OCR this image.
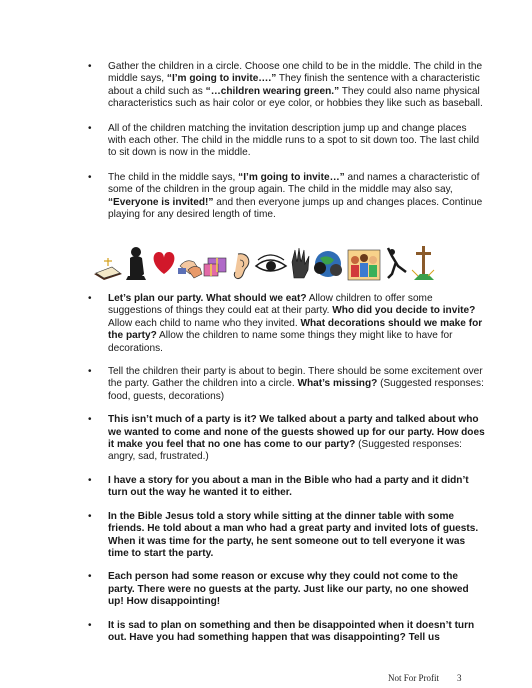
• Gather the children in a circle. Choose one child to be in the middle. The child in the middle says, “I’m going to invite….” They finish the sentence with a characteristic about a child such as “…children wearing green.” They could also name physical characteristics such as hair color or eye color, or hobbies they like such as baseball.
• All of the children matching the invitation description jump up and change places with each other. The child in the middle runs to a spot to sit down too. The last child to sit down is now in the middle.
• The child in the middle says, “I’m going to invite…” and names a characteristic of some of the children in the group again. The child in the middle may also say, “Everyone is invited!” and then everyone jumps up and changes places. Continue playing for any desired length of time.
• Let’s plan our party. What should we eat? Allow children to offer some suggestions of things they could eat at their party. Who did you decide to invite? Allow each child to name who they invited. What decorations should we make for the party? Allow the children to name some things they might like to have for decorations.
• Tell the children their party is about to begin. There should be some excitement over the party. Gather the children into a circle. What’s missing? (Suggested responses: food, guests, decorations)
• This isn’t much of a party is it? We talked about a party and talked about who we wanted to come and none of the guests showed up for our party. How does it make you feel that no one has come to our party? (Suggested responses: angry, sad, frustrated.)
• I have a story for you about a man in the Bible who had a party and it didn’t turn out the way he wanted it to either.
• In the Bible Jesus told a story while sitting at the dinner table with some friends. He told about a man who had a great party and invited lots of guests. When it was time for the party, he sent someone out to tell everyone it was time to start the party.
• Each person had some reason or excuse why they could not come to the party. There were no guests at the party. Just like our party, no one showed up! How disappointing!
• It is sad to plan on something and then be disappointed when it doesn’t turn out. Have you had something happen that was disappointing? Tell us
Not For Profit 3
